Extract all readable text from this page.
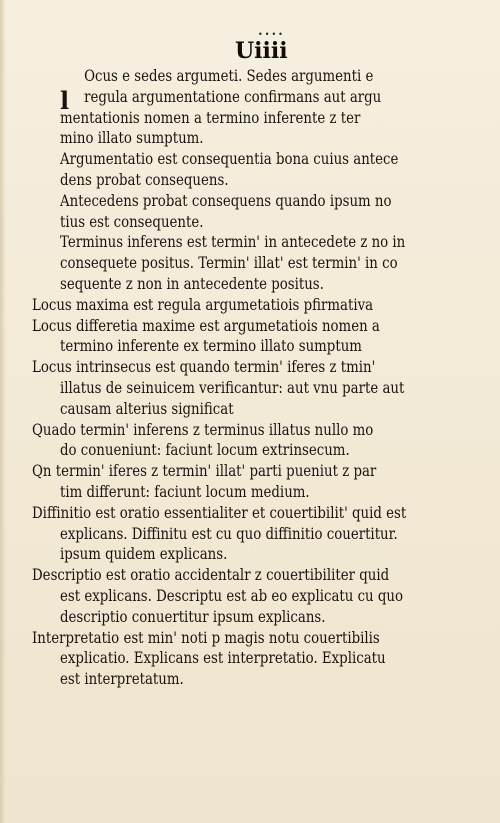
••••
Uiiii
l
Ocus e sedes argumeti. Sedes argumenti e
regula argumentatione confirmans aut argu
mentationis nomen a termino inferente z ter
mino illato sumptum.
Argumentatio est consequentia bona cuius antece
dens probat consequens.
Antecedens probat consequens quando ipsum no
tius est consequente.
Terminus inferens est termin' in antecedete z no in
consequete positus. Termin' illat' est termin' in co
sequente z non in antecedente positus.
Locus maxima est regula argumetatiois pfirmativa
Locus differetia maxime est argumetatiois nomen a
termino inferente ex termino illato sumptum
Locus intrinsecus est quando termin' iferes z tmin'
illatus de seinuicem verificantur: aut vnu parte aut
causam alterius significat
Quado termin' inferens z terminus illatus nullo mo
do conueniunt: faciunt locum extrinsecum.
Qn termin' iferes z termin' illat' parti pueniut z par
tim differunt: faciunt locum medium.
Diffinitio est oratio essentialiter et couertibilit' quid est
explicans. Diffinitu est cu quo diffinitio couertitur.
ipsum quidem explicans.
Descriptio est oratio accidentalr z couertibiliter quid
est explicans. Descriptu est ab eo explicatu cu quo
descriptio conuertitur ipsum explicans.
Interpretatio est min' noti p magis notu couertibilis
explicatio. Explicans est interpretatio. Explicatu
est interpretatum.
